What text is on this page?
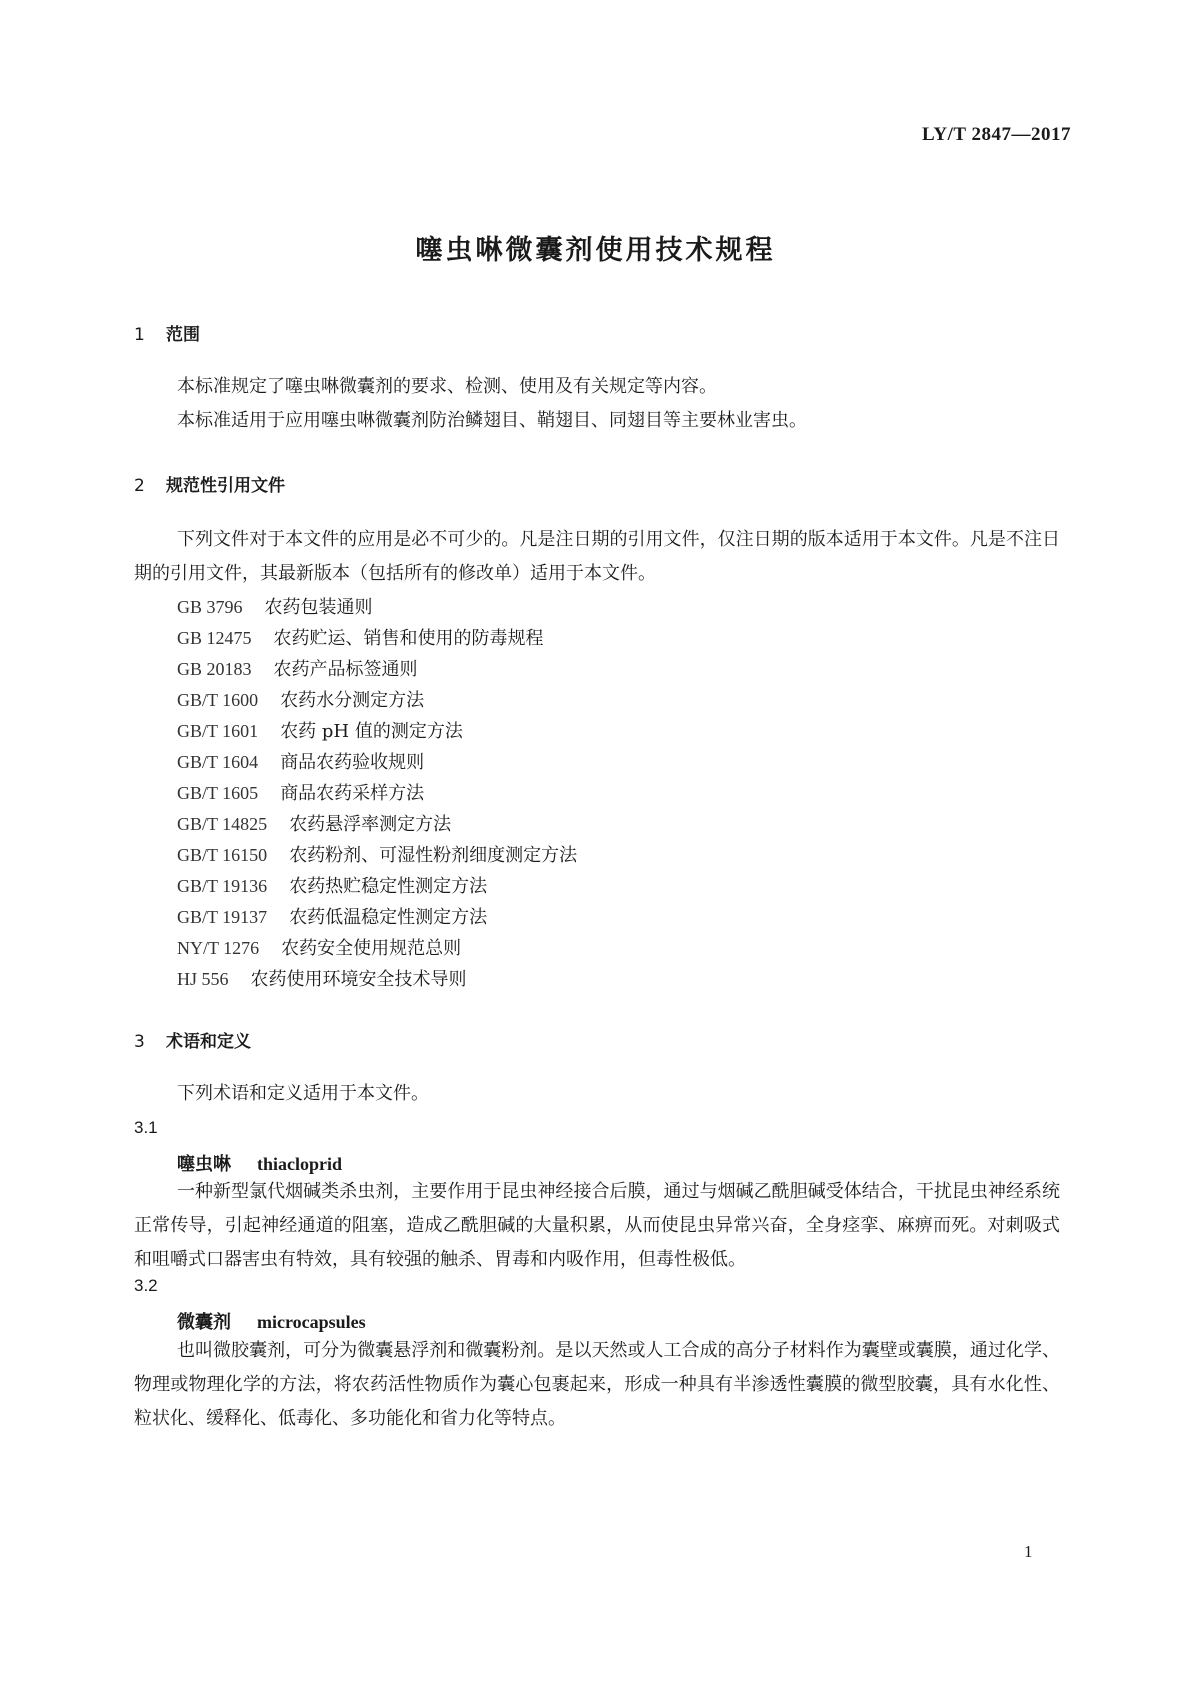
LY/T 2847—2017
噻虫啉微囊剂使用技术规程
1 范围
本标准规定了噻虫啉微囊剂的要求、检测、使用及有关规定等内容。
本标准适用于应用噻虫啉微囊剂防治鳞翅目、鞘翅目、同翅目等主要林业害虫。
2 规范性引用文件
下列文件对于本文件的应用是必不可少的。凡是注日期的引用文件，仅注日期的版本适用于本文件。凡是不注日期的引用文件，其最新版本（包括所有的修改单）适用于本文件。
GB 3796 农药包装通则
GB 12475 农药贮运、销售和使用的防毒规程
GB 20183 农药产品标签通则
GB/T 1600 农药水分测定方法
GB/T 1601 农药 pH 值的测定方法
GB/T 1604 商品农药验收规则
GB/T 1605 商品农药采样方法
GB/T 14825 农药悬浮率测定方法
GB/T 16150 农药粉剂、可湿性粉剂细度测定方法
GB/T 19136 农药热贮稳定性测定方法
GB/T 19137 农药低温稳定性测定方法
NY/T 1276 农药安全使用规范总则
HJ 556 农药使用环境安全技术导则
3 术语和定义
下列术语和定义适用于本文件。
3.1
噻虫啉 thiacloprid
一种新型氯代烟碱类杀虫剂，主要作用于昆虫神经接合后膜，通过与烟碱乙酰胆碱受体结合，干扰昆虫神经系统正常传导，引起神经通道的阻塞，造成乙酰胆碱的大量积累，从而使昆虫异常兴奋，全身痉挛、麻痹而死。对刺吸式和咀嚼式口器害虫有特效，具有较强的触杀、胃毒和内吸作用，但毒性极低。
3.2
微囊剂 microcapsules
也叫微胶囊剂，可分为微囊悬浮剂和微囊粉剂。是以天然或人工合成的高分子材料作为囊壁或囊膜，通过化学、物理或物理化学的方法，将农药活性物质作为囊心包裹起来，形成一种具有半渗透性囊膜的微型胶囊，具有水化性、粒状化、缓释化、低毒化、多功能化和省力化等特点。
1
